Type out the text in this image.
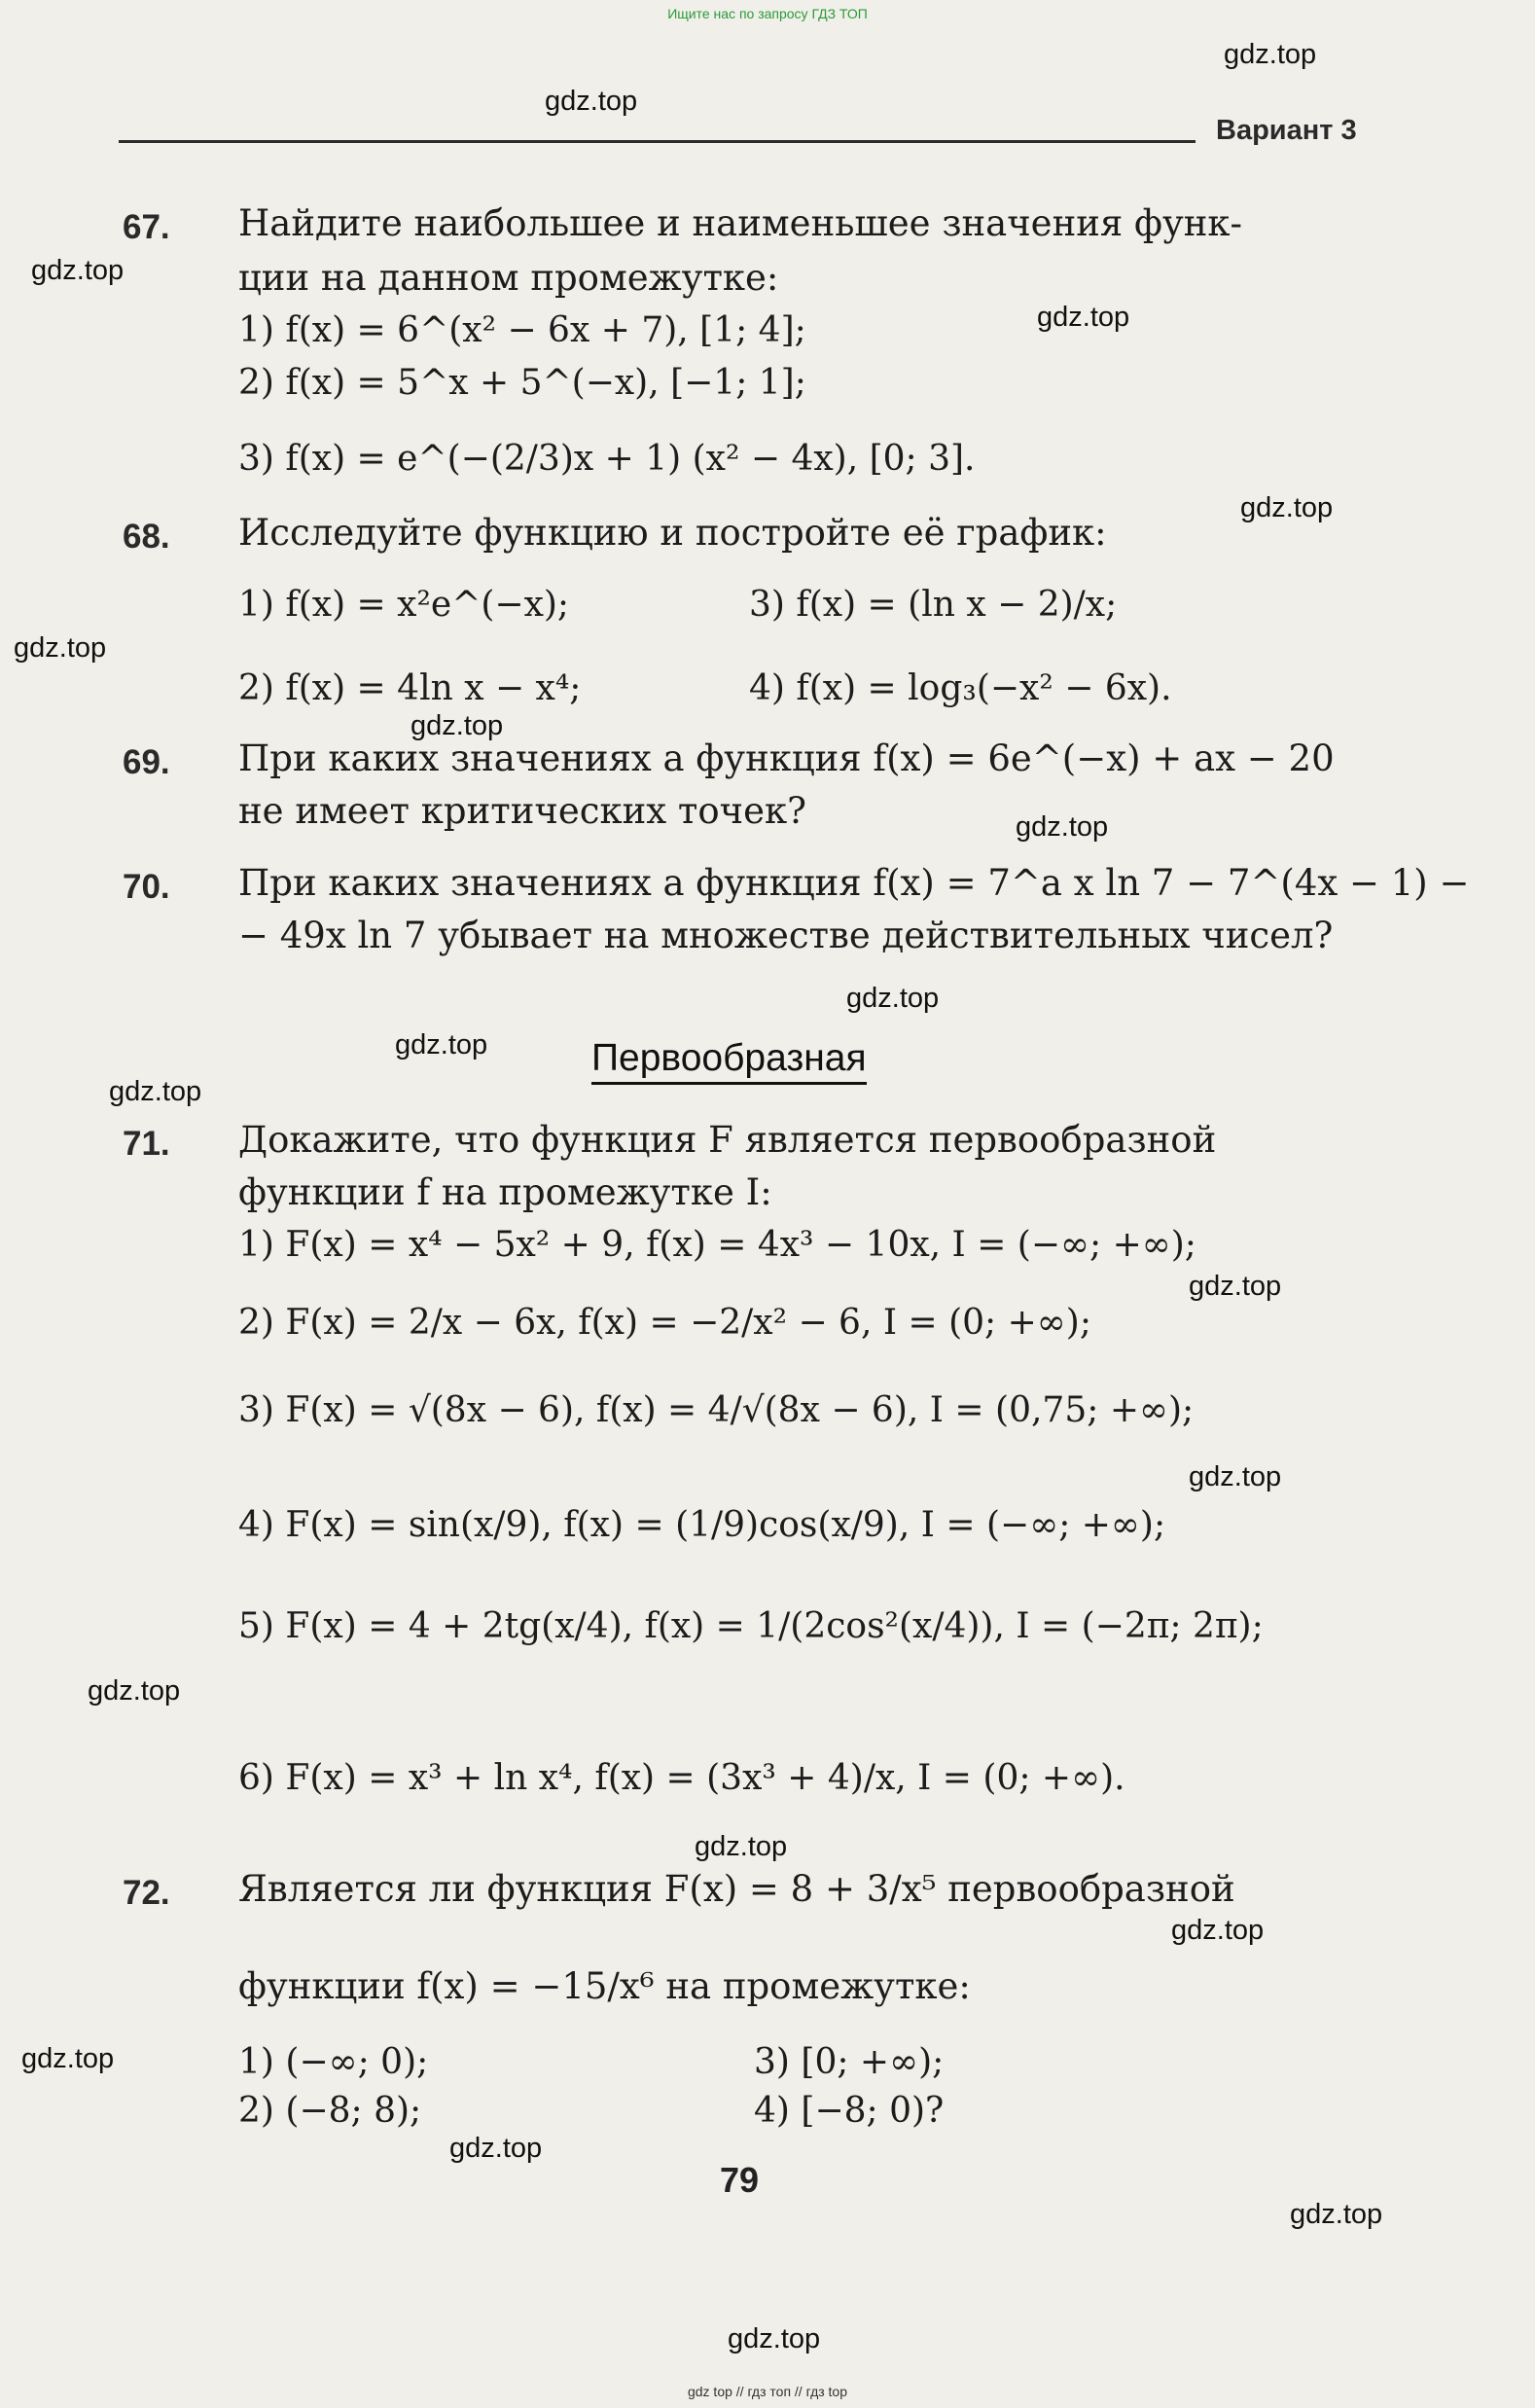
Ищите нас по запросу ГДЗ ТОП
Вариант 3
67. Найдите наибольшее и наименьшее значения функ-
ции на данном промежутке:
1) f(x) = 6^(x² − 6x + 7), [1; 4];
2) f(x) = 5^x + 5^(−x), [−1; 1];
3) f(x) = e^(−(2/3)x + 1) (x² − 4x), [0; 3].
68. Исследуйте функцию и постройте её график:
1) f(x) = x²e^(−x);	3) f(x) = (ln x − 2)/x;
2) f(x) = 4ln x − x⁴;	4) f(x) = log₃(−x² − 6x).
69. При каких значениях a функция f(x) = 6e^(−x) + ax − 20
не имеет критических точек?
70. При каких значениях a функция f(x) = 7^a x ln 7 − 7^(4x − 1) −
− 49x ln 7 убывает на множестве действительных чисел?
Первообразная
71. Докажите, что функция F является первообразной
функции f на промежутке I:
1) F(x) = x⁴ − 5x² + 9, f(x) = 4x³ − 10x, I = (−∞; +∞);
2) F(x) = 2/x − 6x, f(x) = −2/x² − 6, I = (0; +∞);
3) F(x) = √(8x − 6), f(x) = 4/√(8x − 6), I = (0,75; +∞);
4) F(x) = sin(x/9), f(x) = (1/9)cos(x/9), I = (−∞; +∞);
5) F(x) = 4 + 2tg(x/4), f(x) = 1/(2cos²(x/4)), I = (−2π; 2π);
6) F(x) = x³ + ln x⁴, f(x) = (3x³ + 4)/x, I = (0; +∞).
72. Является ли функция F(x) = 8 + 3/x⁵ первообразной
функции f(x) = −15/x⁶ на промежутке:
1) (−∞; 0);	3) [0; +∞);
2) (−8; 8);	4) [−8; 0)?
79
gdz.top
gdz.top
gdz.top
gdz.top
gdz.top
gdz.top
gdz.top
gdz.top
gdz.top
gdz.top
gdz.top
gdz.top
gdz.top
gdz.top
gdz.top
gdz.top
gdz.top
gdz.top
gdz.top
gdz.top
gdz top // гдз топ // гдз top
